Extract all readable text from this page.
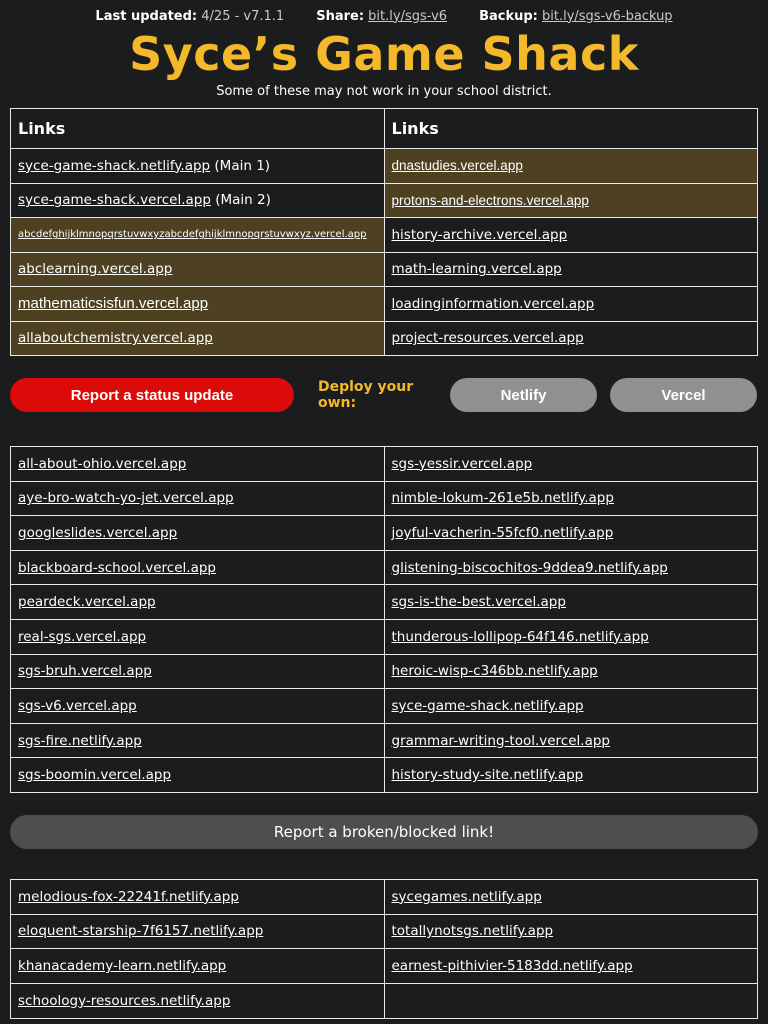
Last updated: 4/25 - v7.1.1 Share: bit.ly/sgs-v6 Backup: bit.ly/sgs-v6-backup
Syce’s Game Shack
Some of these may not work in your school district.
Links	Links
syce-game-shack.netlify.app (Main 1)	dnastudies.vercel.app
syce-game-shack.vercel.app (Main 2)	protons-and-electrons.vercel.app
abcdefghijklmnopqrstuvwxyzabcdefghijklmnopqrstuvwxyz.vercel.app	history-archive.vercel.app
abclearning.vercel.app	math-learning.vercel.app
mathematicsisfun.vercel.app	loadinginformation.vercel.app
allaboutchemistry.vercel.app	project-resources.vercel.app
Report a status update	Deploy your own:	Netlify	Vercel
all-about-ohio.vercel.app	sgs-yessir.vercel.app
aye-bro-watch-yo-jet.vercel.app	nimble-lokum-261e5b.netlify.app
googleslides.vercel.app	joyful-vacherin-55fcf0.netlify.app
blackboard-school.vercel.app	glistening-biscochitos-9ddea9.netlify.app
peardeck.vercel.app	sgs-is-the-best.vercel.app
real-sgs.vercel.app	thunderous-lollipop-64f146.netlify.app
sgs-bruh.vercel.app	heroic-wisp-c346bb.netlify.app
sgs-v6.vercel.app	syce-game-shack.netlify.app
sgs-fire.netlify.app	grammar-writing-tool.vercel.app
sgs-boomin.vercel.app	history-study-site.netlify.app
Report a broken/blocked link!
melodious-fox-22241f.netlify.app	sycegames.netlify.app
eloquent-starship-7f6157.netlify.app	totallynotsgs.netlify.app
khanacademy-learn.netlify.app	earnest-pithivier-5183dd.netlify.app
schoology-resources.netlify.app	
